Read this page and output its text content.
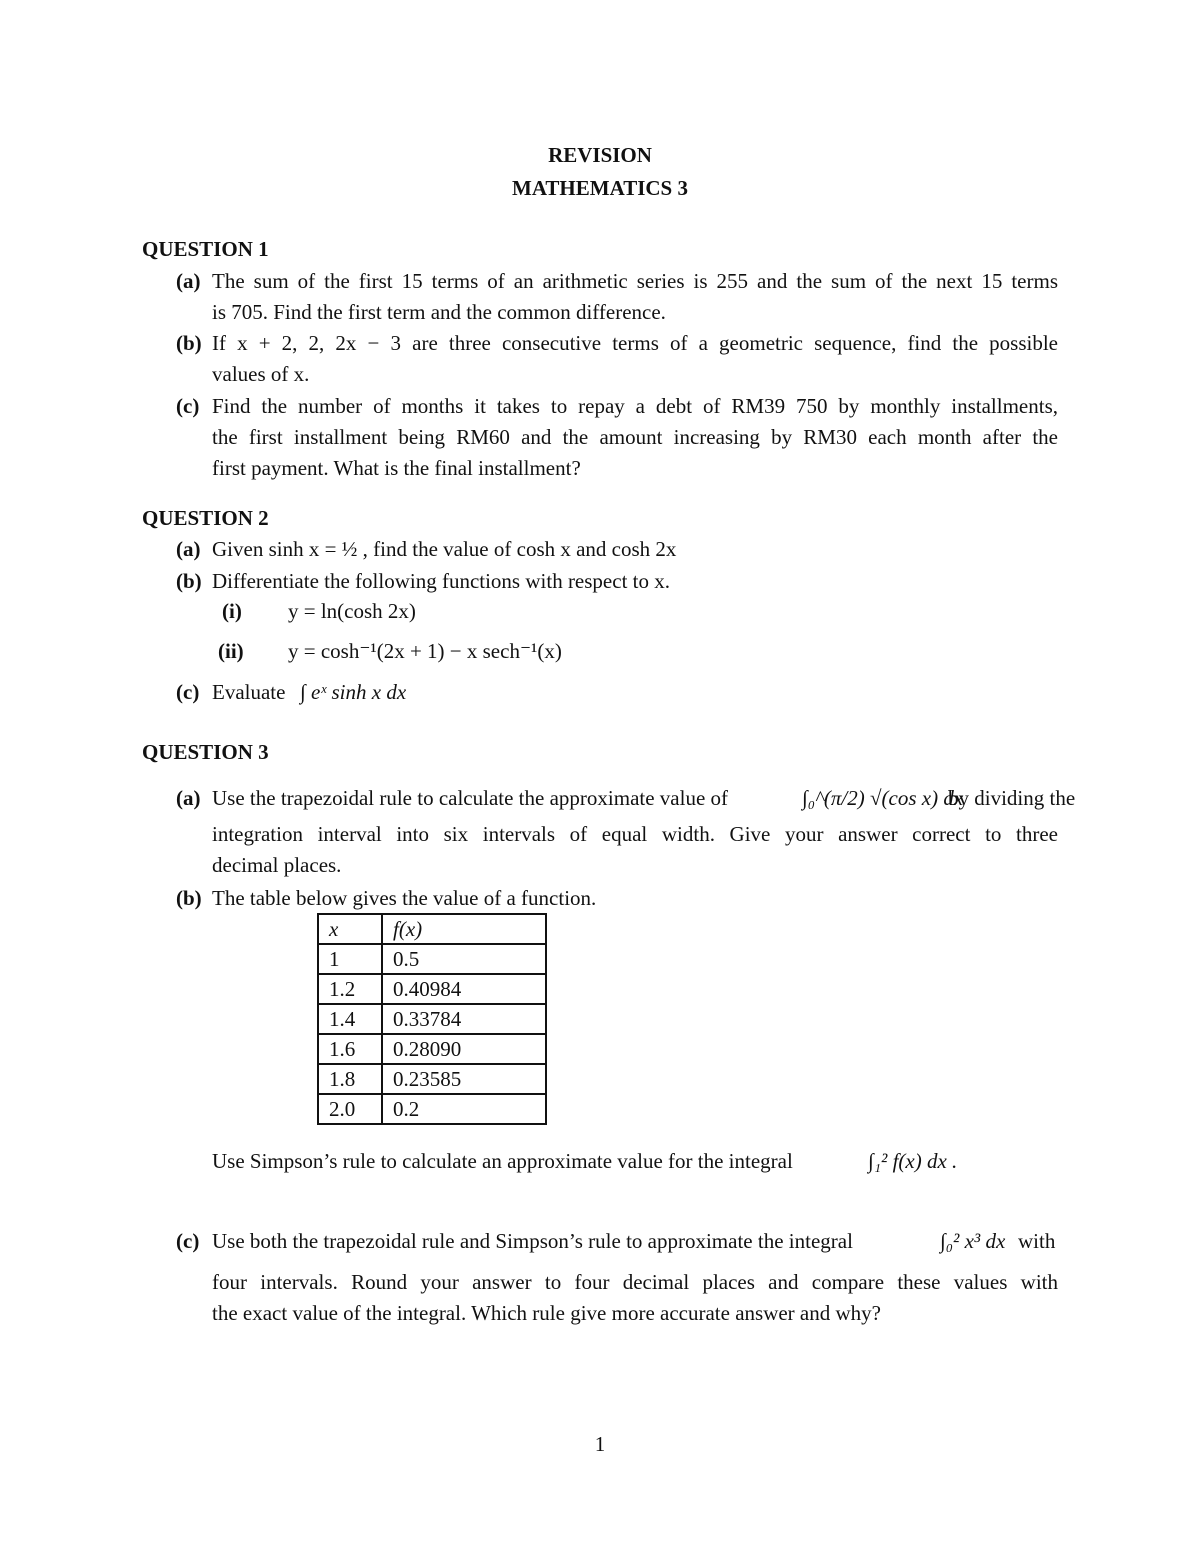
REVISION
MATHEMATICS 3
QUESTION 1
(a) The sum of the first 15 terms of an arithmetic series is 255 and the sum of the next 15 terms
is 705. Find the first term and the common difference.
(b) If x + 2, 2, 2x − 3 are three consecutive terms of a geometric sequence, find the possible
values of x.
(c) Find the number of months it takes to repay a debt of RM39 750 by monthly installments,
the first installment being RM60 and the amount increasing by RM30 each month after the
first payment. What is the final installment?
QUESTION 2
(a) Given sinh x = ½ , find the value of cosh x and cosh 2x
(b) Differentiate the following functions with respect to x.
(i) y = ln(cosh 2x)
(ii) y = cosh⁻¹(2x + 1) − x sech⁻¹(x)
(c) Evaluate ∫ eˣ sinh x dx
QUESTION 3
(a) Use the trapezoidal rule to calculate the approximate value of	∫₀^(π/2) √(cos x) dx
by dividing the
integration interval into six intervals of equal width. Give your answer correct to three
decimal places.
(b) The table below gives the value of a function.
x	f(x)
1	0.5
1.2	0.40984
1.4	0.33784
1.6	0.28090
1.8	0.23585
2.0	0.2
Use Simpson’s rule to calculate an approximate value for the integral	∫₁² f(x) dx .
(c) Use both the trapezoidal rule and Simpson’s rule to approximate the integral	∫₀² x³ dx with
four intervals. Round your answer to four decimal places and compare these values with
the exact value of the integral. Which rule give more accurate answer and why?
1
